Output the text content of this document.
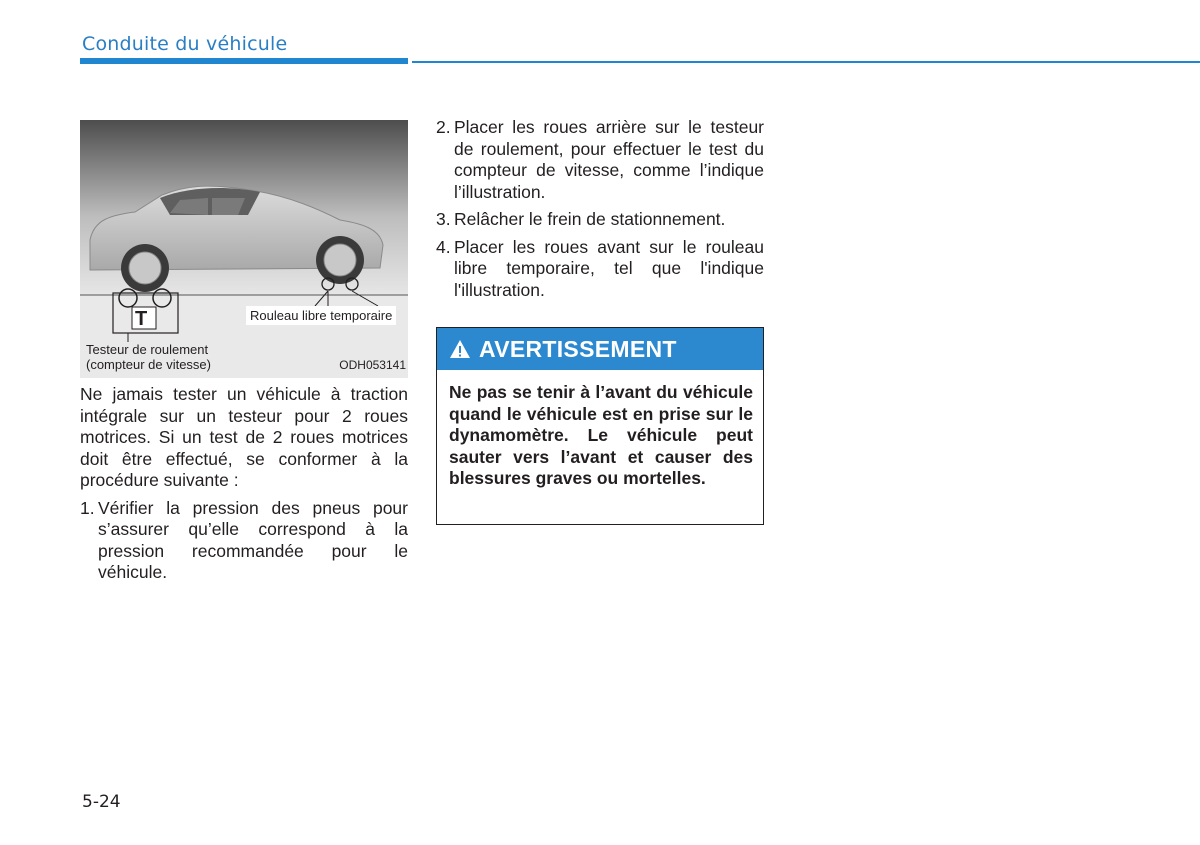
Conduite du véhicule
T	Rouleau libre temporaire
Testeur de roulement
(compteur de vitesse)	ODH053141

Ne jamais tester un véhicule à traction intégrale sur un testeur pour 2 roues motrices. Si un test de 2 roues motrices doit être effectué, se conformer à la procédure suivante :

1. Vérifier la pression des pneus pour s’assurer qu’elle correspond à la pression recommandée pour le véhicule.
2. Placer les roues arrière sur le testeur de roulement, pour effectuer le test du compteur de vitesse, comme l’indique l’illustration.
3. Relâcher le frein de stationnement.
4. Placer les roues avant sur le rouleau libre temporaire, tel que l'indique l'illustration.
AVERTISSEMENT
Ne pas se tenir à l’avant du véhicule quand le véhicule est en prise sur le dynamomètre. Le véhicule peut sauter vers l’avant et causer des blessures graves ou mortelles.
5-24
